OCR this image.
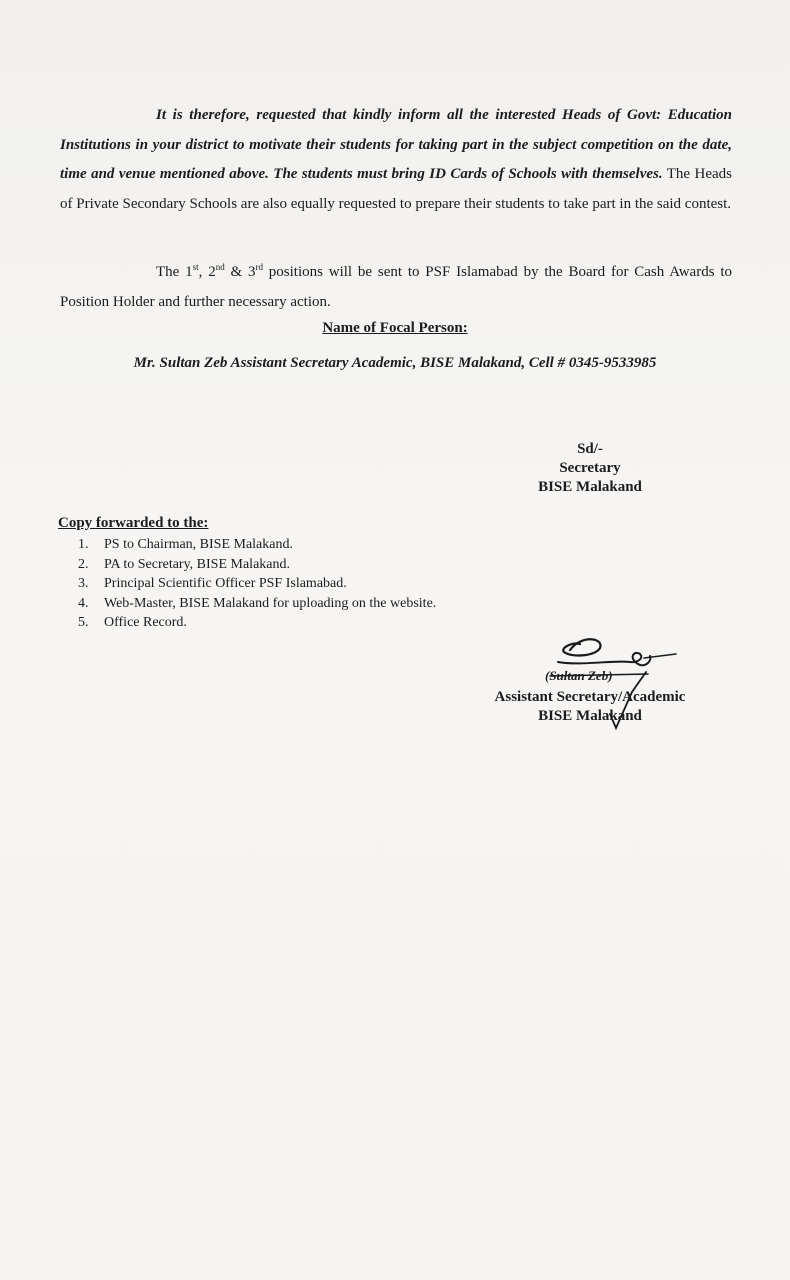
It is therefore, requested that kindly inform all the interested Heads of Govt: Education Institutions in your district to motivate their students for taking part in the subject competition on the date, time and venue mentioned above. The students must bring ID Cards of Schools with themselves. The Heads of Private Secondary Schools are also equally requested to prepare their students to take part in the said contest.

The 1st, 2nd & 3rd positions will be sent to PSF Islamabad by the Board for Cash Awards to Position Holder and further necessary action.

Name of Focal Person:
Mr. Sultan Zeb Assistant Secretary Academic, BISE Malakand, Cell # 0345-9533985
Sd/-
Secretary
BISE Malakand
Copy forwarded to the:
1. PS to Chairman, BISE Malakand.
2. PA to Secretary, BISE Malakand.
3. Principal Scientific Officer PSF Islamabad.
4. Web-Master, BISE Malakand for uploading on the website.
5. Office Record.
(Sultan Zeb)
Assistant Secretary/Academic
BISE Malakand
